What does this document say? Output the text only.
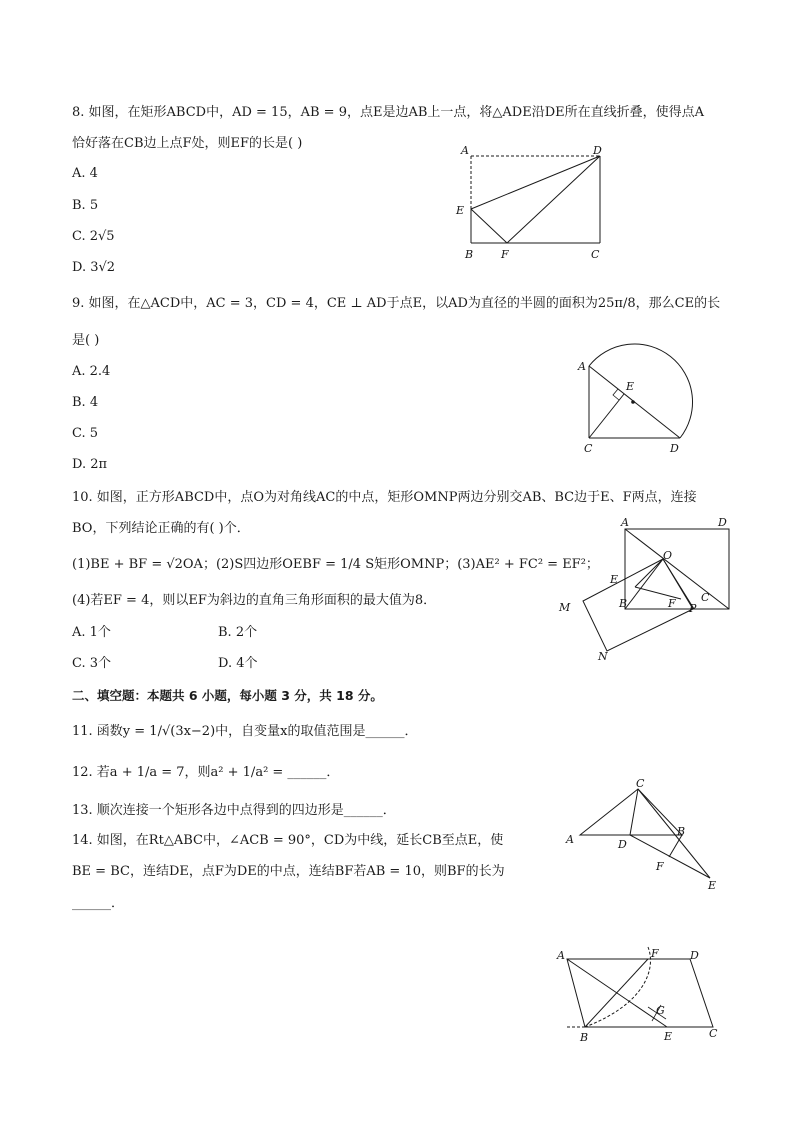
二、填空题：本题共 6 小题，每小题 3 分，共 18 分。
8. 如图，在矩形ABCD中，AD = 15，AB = 9，点E是边AB上一点，将△ADE沿DE所在直线折叠，使得点A
恰好落在CB边上点F处，则EF的长是( )
A. 4
B. 5
C. 2√5
D. 3√2
A	D
E
B	F	C
9. 如图，在△ACD中，AC = 3，CD = 4，CE ⊥ AD于点E，以AD为直径的半圆的面积为25π/8，那么CE的长
是( )
A. 2.4
B. 4
C. 5
D. 2π
A
E
C	D
10. 如图，正方形ABCD中，点O为对角线AC的中点，矩形OMNP两边分别交AB、BC边于E、F两点，连接
BO，下列结论正确的有( )个．
(1)BE + BF = √2OA；(2)S四边形OEBF = 1/4 S矩形OMNP；(3)AE² + FC² = EF²；
(4)若EF = 4，则以EF为斜边的直角三角形面积的最大值为8．
A. 1个	B. 2个
C. 3个	D. 4个
A	D
O
E
B	F C
P
M
N
11. 函数y = 1/√(3x−2)中，自变量x的取值范围是______．
12. 若a + 1/a = 7，则a² + 1/a² = ______．
13. 顺次连接一个矩形各边中点得到的四边形是______．
14. 如图，在Rt△ABC中，∠ACB = 90°，CD为中线，延长CB至点E，使
BE = BC，连结DE，点F为DE的中点，连结BF若AB = 10，则BF的长为
______．
C
A	D
B
F
E
A	F	D
G
B	E	C
